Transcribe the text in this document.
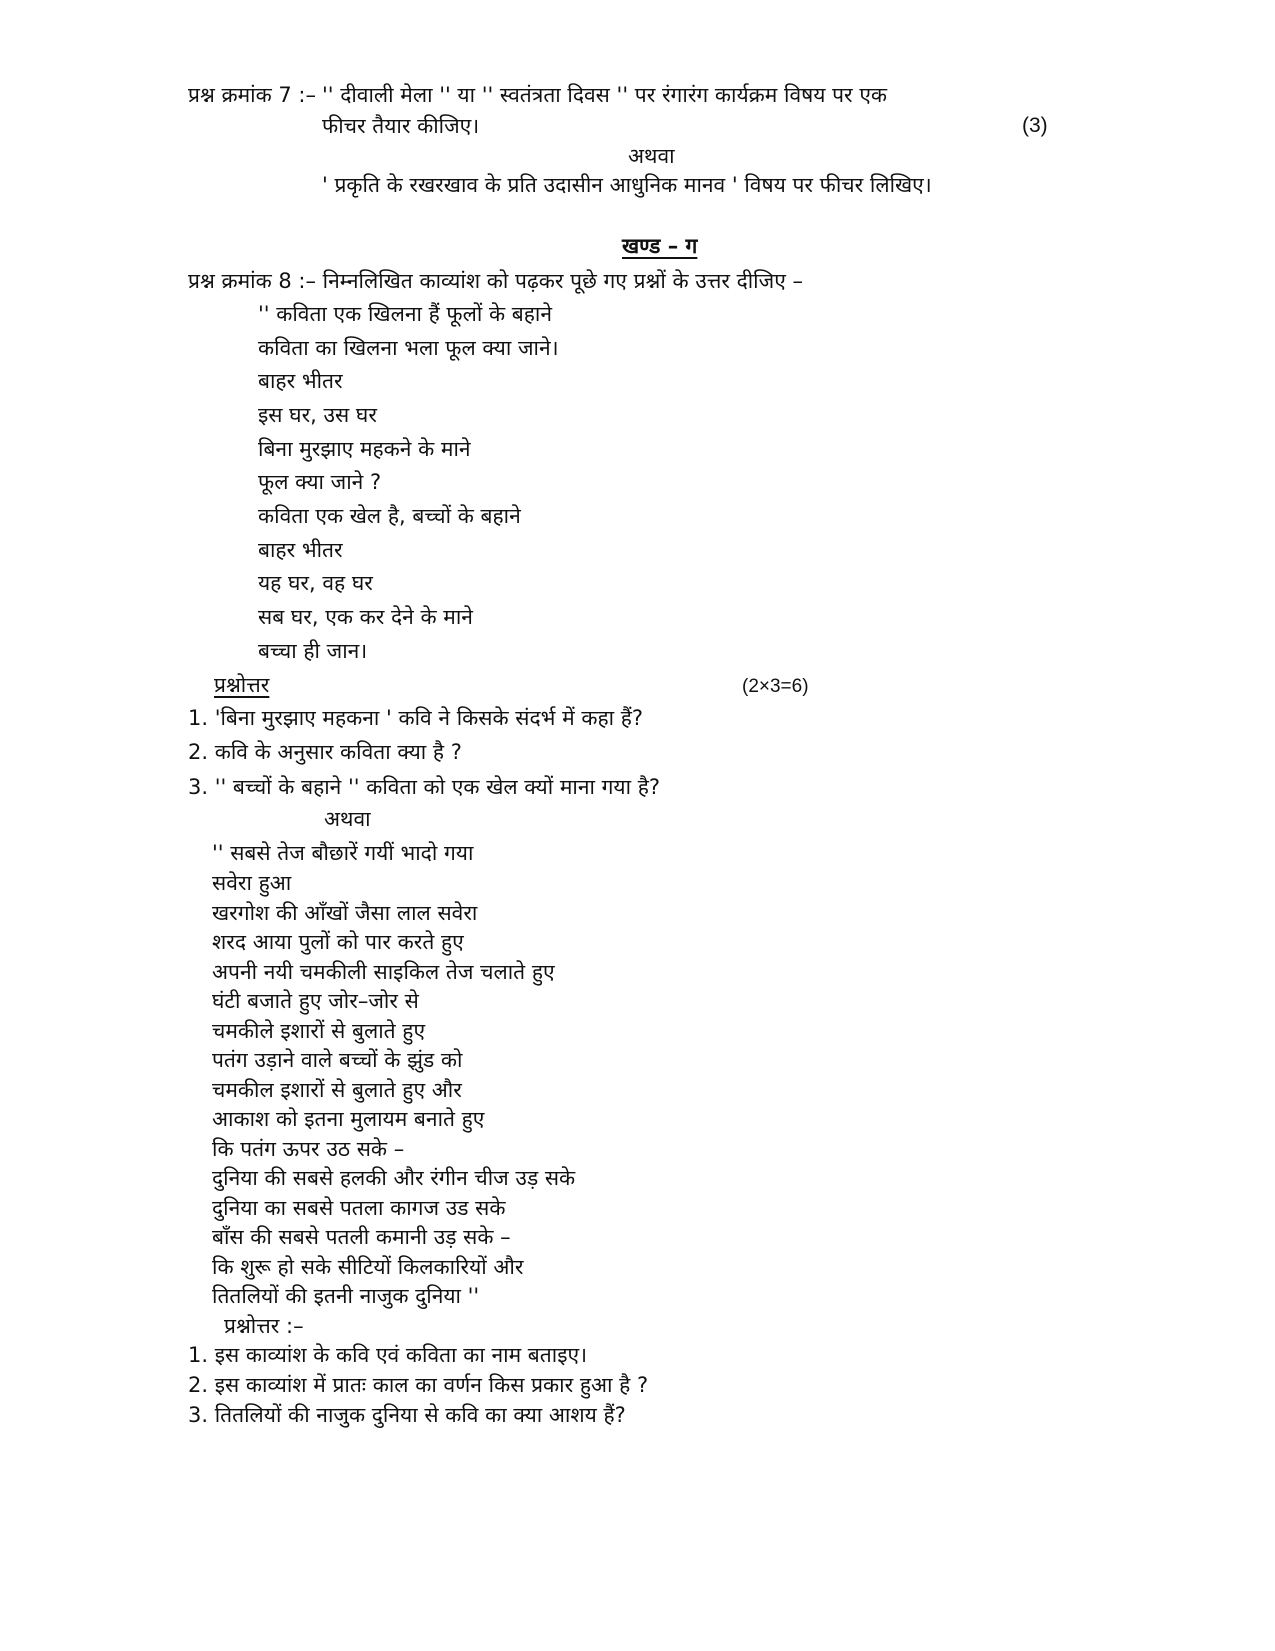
प्रश्न क्रमांक 7 :– '' दीवाली मेला '' या '' स्वतंत्रता दिवस '' पर रंगारंग कार्यक्रम विषय पर एक
फीचर तैयार कीजिए।	(3)
अथवा
' प्रकृति के रखरखाव के प्रति उदासीन आधुनिक मानव ' विषय पर फीचर लिखिए।
खण्ड – ग
प्रश्न क्रमांक 8 :– निम्नलिखित काव्यांश को पढ़कर पूछे गए प्रश्नों के उत्तर दीजिए –
'' कविता एक खिलना हैं फूलों के बहाने
कविता का खिलना भला फूल क्या जाने।
बाहर भीतर
इस घर, उस घर
बिना मुरझाए महकने के माने
फूल क्या जाने ?
कविता एक खेल है, बच्चों के बहाने
बाहर भीतर
यह घर, वह घर
सब घर, एक कर देने के माने
बच्चा ही जान।
प्रश्नोत्तर	(2×3=6)
1. 'बिना मुरझाए महकना ' कवि ने किसके संदर्भ में कहा हैं?
2. कवि के अनुसार कविता क्या है ?
3. '' बच्चों के बहाने '' कविता को एक खेल क्यों माना गया है?
अथवा
'' सबसे तेज बौछारें गयीं भादो गया
सवेरा हुआ
खरगोश की आँखों जैसा लाल सवेरा
शरद आया पुलों को पार करते हुए
अपनी नयी चमकीली साइकिल तेज चलाते हुए
घंटी बजाते हुए जोर–जोर से
चमकीले इशारों से बुलाते हुए
पतंग उड़ाने वाले बच्चों के झुंड को
चमकील इशारों से बुलाते हुए और
आकाश को इतना मुलायम बनाते हुए
कि पतंग ऊपर उठ सके –
दुनिया की सबसे हलकी और रंगीन चीज उड़ सके
दुनिया का सबसे पतला कागज उड सके
बाँस की सबसे पतली कमानी उड़ सके –
कि शुरू हो सके सीटियों किलकारियों और
तितलियों की इतनी नाजुक दुनिया ''
प्रश्नोत्तर :–
1. इस काव्यांश के कवि एवं कविता का नाम बताइए।
2. इस काव्यांश में प्रातः काल का वर्णन किस प्रकार हुआ है ?
3. तितलियों की नाजुक दुनिया से कवि का क्या आशय हैं?
